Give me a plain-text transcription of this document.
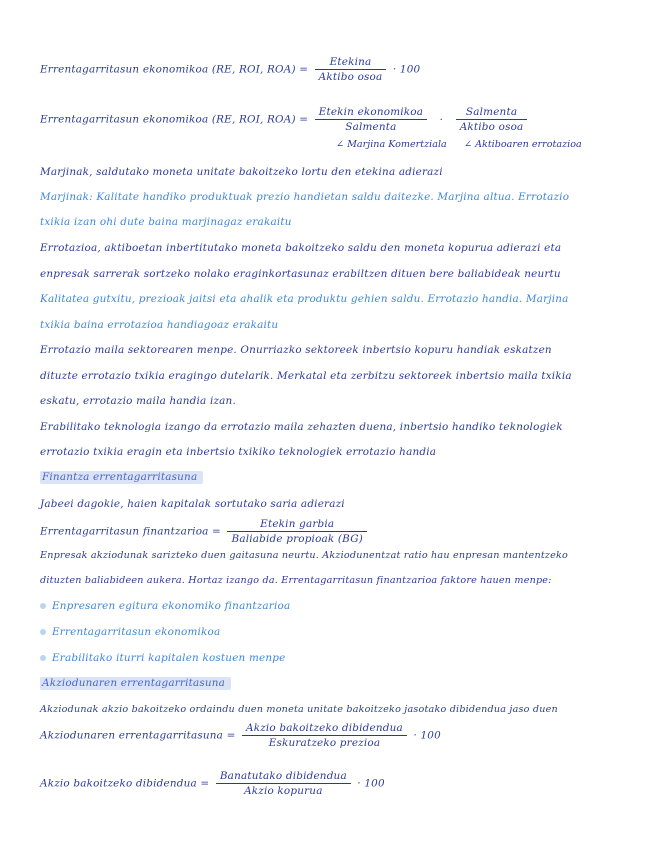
Errentagarritasun ekonomikoa (RE, ROI, $ROA) = \frac{\text{Etekina}}{\text{Aktibo osoa}} \cdot 100$
Errentagarritasun ekonomikoa (RE, ROI, $ROA) = \frac{\text{Etekin ekonomikoa}}{\text{Salmenta}} \cdot \frac{\text{Salmenta}}{\text{Aktibo osoa}}$
∠ Marjina Komertziala ∠ Aktiboaren errotazioa
Marjinak, saldutako moneta unitate bakoitzeko lortu den etekina adierazi
Marjinak: Kalitate handiko produktuak prezio handietan saldu daitezke. Marjina altua. Errotazio
txikia izan ohi dute baina marjinagaz erakaitu
Errotazioa, aktiboetan inbertitutako moneta bakoitzeko saldu den moneta kopurua adierazi eta
enpresak sarrerak sortzeko nolako eraginkortasunaz erabiltzen dituen bere baliabideak neurtu
Kalitatea gutxitu, prezioak jaitsi eta ahalik eta produktu gehien saldu. Errotazio handia. Marjina
txikia baina errotazioa handiagoaz erakaitu
Errotazio maila sektorearen menpe. Onurriazko sektoreek inbertsio kopuru handiak eskatzen
dituzte errotazio txikia eragingo dutelarik. Merkatal eta zerbitzu sektoreek inbertsio maila txikia
eskatu, errotazio maila handia izan.
Erabilitako teknologia izango da errotazio maila zehazten duena, inbertsio handiko teknologiek
errotazio txikia eragin eta inbertsio txikiko teknologiek errotazio handia
Finantza errentagarritasuna
Jabeei dagokie, haien kapitalak sortutako saria adierazi
Errentagarritasun finantzarioa = $\frac{\text{Etekin garbia}}{\text{Baliabide propioak (BG)}}$
Enpresak akziodunak sarizteko duen gaitasuna neurtu. Akziodunentzat ratio hau enpresan mantentzeko
dituzten baliabideen aukera. Hortaz izango da. Errentagarritasun finantzarioa faktore hauen menpe:
Enpresaren egitura ekonomiko finantzarioa
Errentagarritasun ekonomikoa
Erabilitako iturri kapitalen kostuen menpe
Akziodunaren errentagarritasuna
Akziodunak akzio bakoitzeko ordaindu duen moneta unitate bakoitzeko jasotako dibidendua jaso duen
Akziodunaren errentagarritasuna = $\frac{\text{Akzio bakoitzeko dibidendua}}{\text{Eskuratzeko prezioa}} \cdot 100$
Akzio bakoitzeko dibidendua = $\frac{\text{Banatutako dibidendua}}{\text{Akzio kopurua}} \cdot 100$
